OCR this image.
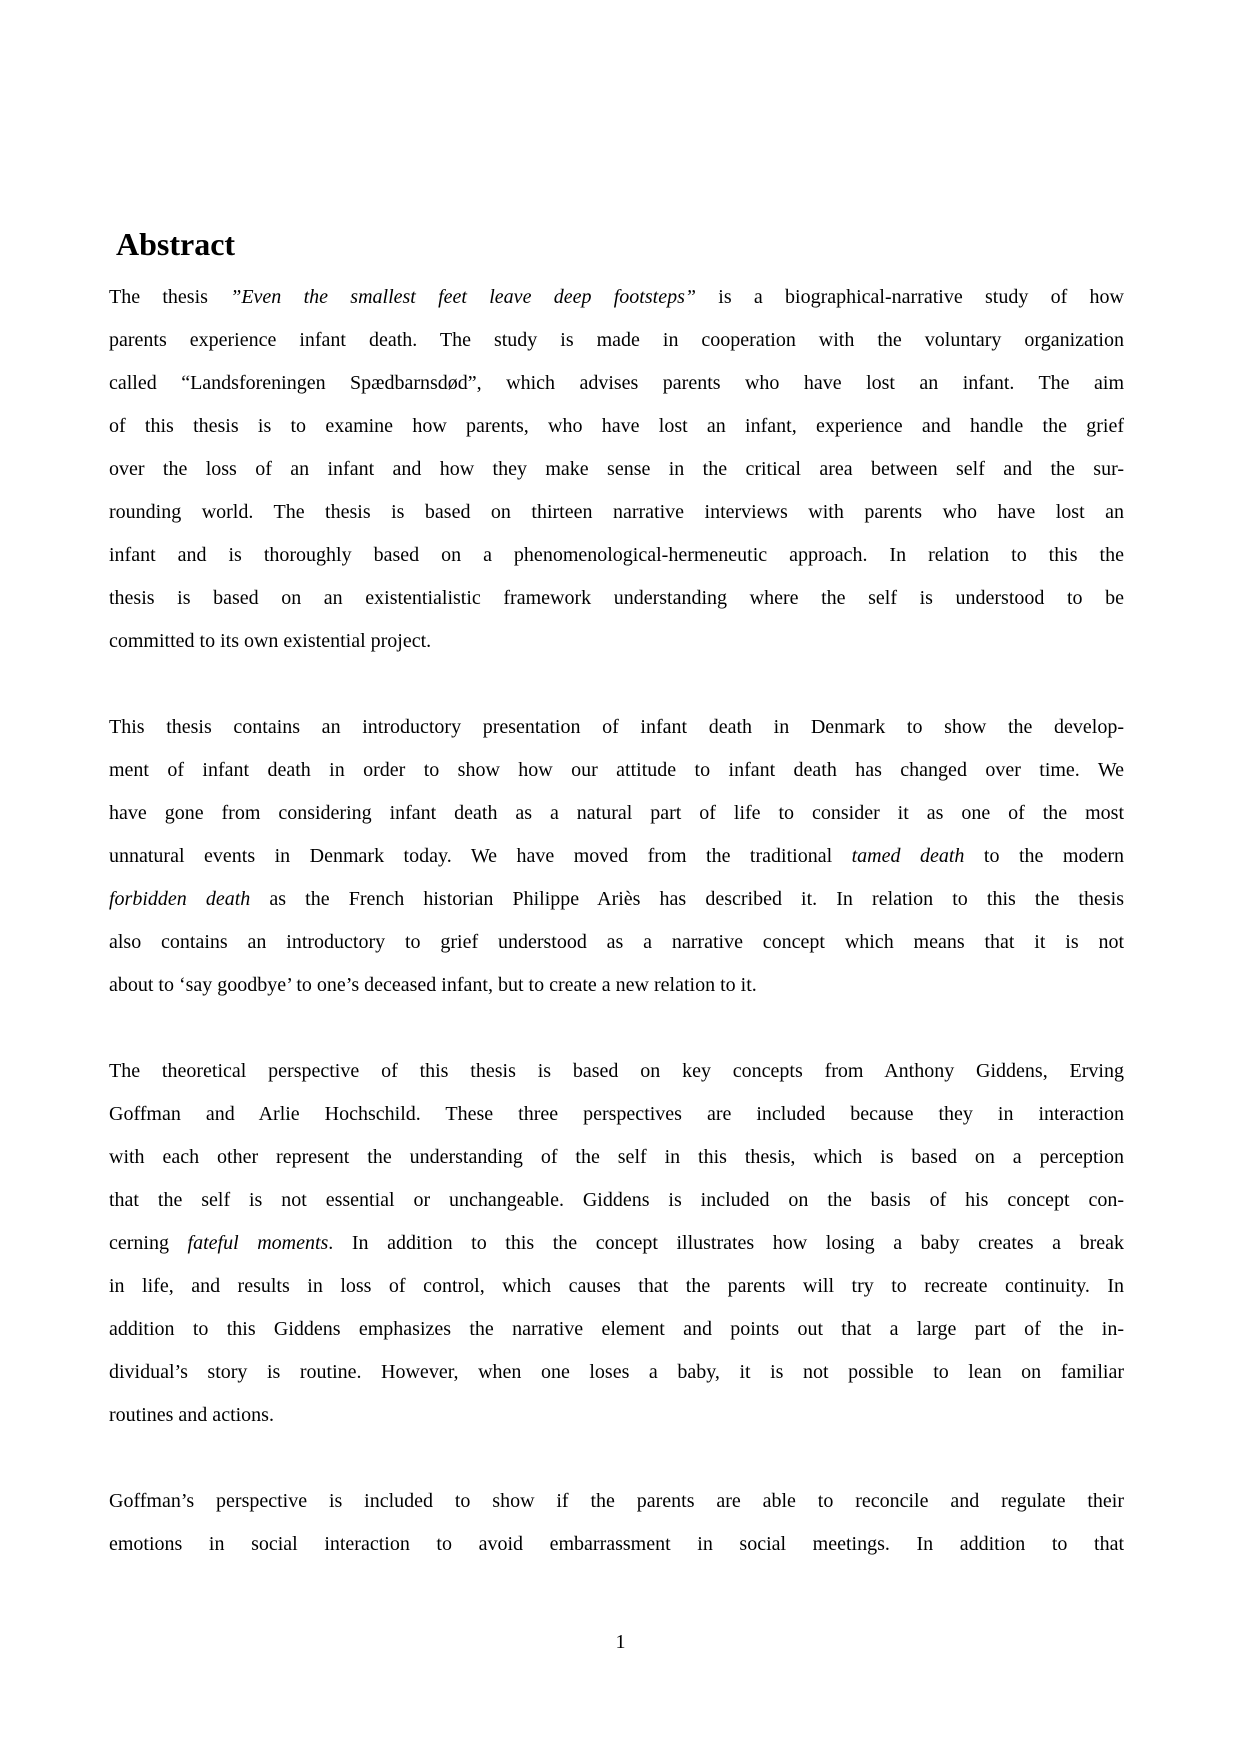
Abstract
The thesis ”Even the smallest feet leave deep footsteps” is a biographical-narrative study of how
parents experience infant death. The study is made in cooperation with the voluntary organization
called “Landsforeningen Spædbarnsdød”, which advises parents who have lost an infant. The aim
of this thesis is to examine how parents, who have lost an infant, experience and handle the grief
over the loss of an infant and how they make sense in the critical area between self and the sur-
rounding world. The thesis is based on thirteen narrative interviews with parents who have lost an
infant and is thoroughly based on a phenomenological-hermeneutic approach. In relation to this the
thesis is based on an existentialistic framework understanding where the self is understood to be
committed to its own existential project.
This thesis contains an introductory presentation of infant death in Denmark to show the develop-
ment of infant death in order to show how our attitude to infant death has changed over time. We
have gone from considering infant death as a natural part of life to consider it as one of the most
unnatural events in Denmark today. We have moved from the traditional tamed death to the modern
forbidden death as the French historian Philippe Ariès has described it. In relation to this the thesis
also contains an introductory to grief understood as a narrative concept which means that it is not
about to ‘say goodbye’ to one’s deceased infant, but to create a new relation to it.
The theoretical perspective of this thesis is based on key concepts from Anthony Giddens, Erving
Goffman and Arlie Hochschild. These three perspectives are included because they in interaction
with each other represent the understanding of the self in this thesis, which is based on a perception
that the self is not essential or unchangeable. Giddens is included on the basis of his concept con-
cerning fateful moments. In addition to this the concept illustrates how losing a baby creates a break
in life, and results in loss of control, which causes that the parents will try to recreate continuity. In
addition to this Giddens emphasizes the narrative element and points out that a large part of the in-
dividual’s story is routine. However, when one loses a baby, it is not possible to lean on familiar
routines and actions.
Goffman’s perspective is included to show if the parents are able to reconcile and regulate their
emotions in social interaction to avoid embarrassment in social meetings. In addition to that
1
